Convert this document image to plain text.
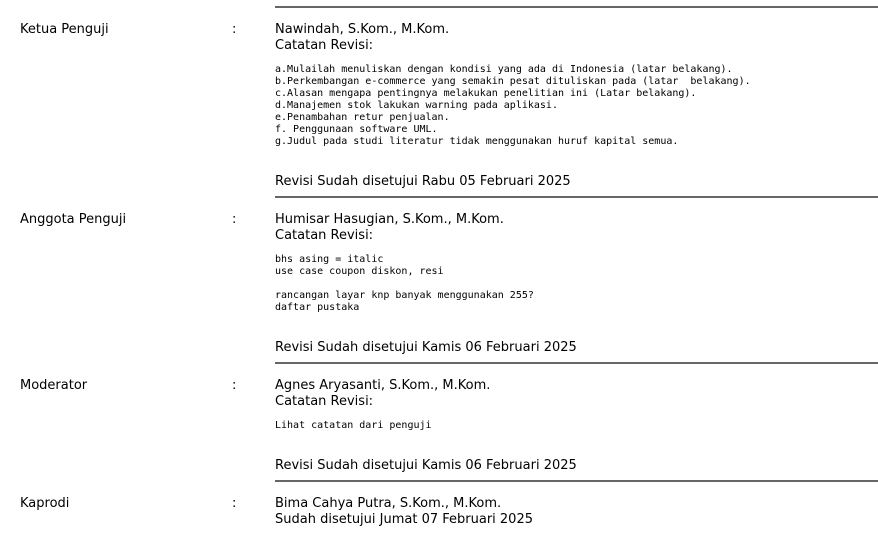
Ketua Penguji	:	Nawindah, S.Kom., M.Kom.
Catatan Revisi:
a.Mulailah menuliskan dengan kondisi yang ada di Indonesia (latar belakang).
b.Perkembangan e-commerce yang semakin pesat dituliskan pada (latar  belakang).
c.Alasan mengapa pentingnya melakukan penelitian ini (Latar belakang).
d.Manajemen stok lakukan warning pada aplikasi.
e.Penambahan retur penjualan.
f. Penggunaan software UML.
g.Judul pada studi literatur tidak menggunakan huruf kapital semua.
Revisi Sudah disetujui Rabu 05 Februari 2025
Anggota Penguji	:	Humisar Hasugian, S.Kom., M.Kom.
Catatan Revisi:
bhs asing = italic
use case coupon diskon, resi

rancangan layar knp banyak menggunakan 255?
daftar pustaka
Revisi Sudah disetujui Kamis 06 Februari 2025
Moderator	:	Agnes Aryasanti, S.Kom., M.Kom.
Catatan Revisi:
Lihat catatan dari penguji
Revisi Sudah disetujui Kamis 06 Februari 2025
Kaprodi	:	Bima Cahya Putra, S.Kom., M.Kom.
Sudah disetujui Jumat 07 Februari 2025
